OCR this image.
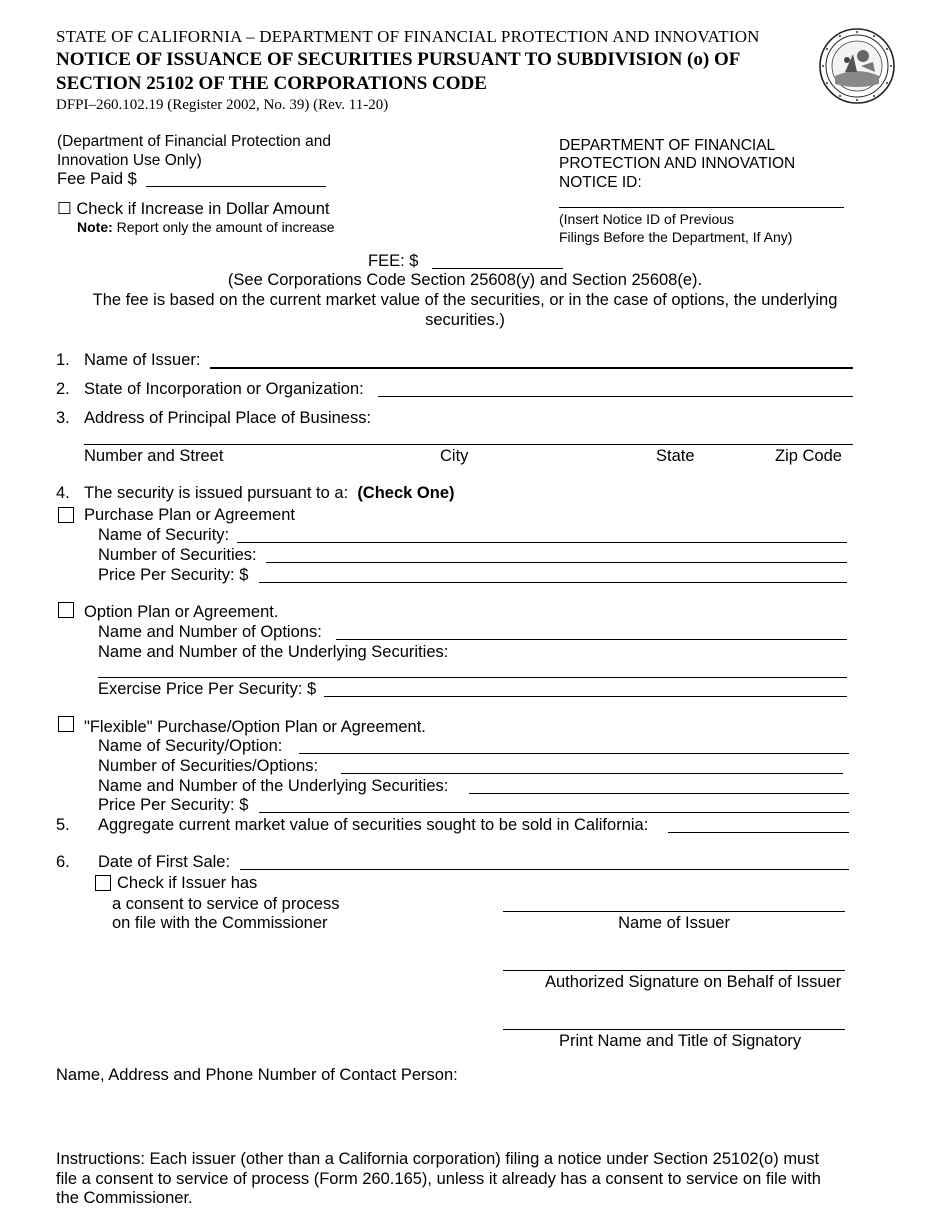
STATE OF CALIFORNIA – DEPARTMENT OF FINANCIAL PROTECTION AND INNOVATION
NOTICE OF ISSUANCE OF SECURITIES PURSUANT TO SUBDIVISION (o) OF
SECTION 25102 OF THE CORPORATIONS CODE
DFPI–260.102.19 (Register 2002, No. 39) (Rev. 11-20)
(Department of Financial Protection and
Innovation Use Only)
Fee Paid $
☐ Check if Increase in Dollar Amount
Note: Report only the amount of increase
DEPARTMENT OF FINANCIAL
PROTECTION AND INNOVATION
NOTICE ID:
(Insert Notice ID of Previous
Filings Before the Department, If Any)
FEE: $
(See Corporations Code Section 25608(y) and Section 25608(e).
The fee is based on the current market value of the securities, or in the case of options, the underlying
securities.)
1. Name of Issuer:
2. State of Incorporation or Organization:
3. Address of Principal Place of Business:
Number and Street	City	State	Zip Code
4. The security is issued pursuant to a: (Check One)
Purchase Plan or Agreement
Name of Security:
Number of Securities:
Price Per Security: $
Option Plan or Agreement.
Name and Number of Options:
Name and Number of the Underlying Securities:
Exercise Price Per Security: $
"Flexible" Purchase/Option Plan or Agreement.
Name of Security/Option:
Number of Securities/Options:
Name and Number of the Underlying Securities:
Price Per Security: $
5. Aggregate current market value of securities sought to be sold in California:
6. Date of First Sale:
Check if Issuer has
a consent to service of process
on file with the Commissioner	Name of Issuer
Authorized Signature on Behalf of Issuer
Print Name and Title of Signatory
Name, Address and Phone Number of Contact Person:
Instructions: Each issuer (other than a California corporation) filing a notice under Section 25102(o) must
file a consent to service of process (Form 260.165), unless it already has a consent to service on file with
the Commissioner.
